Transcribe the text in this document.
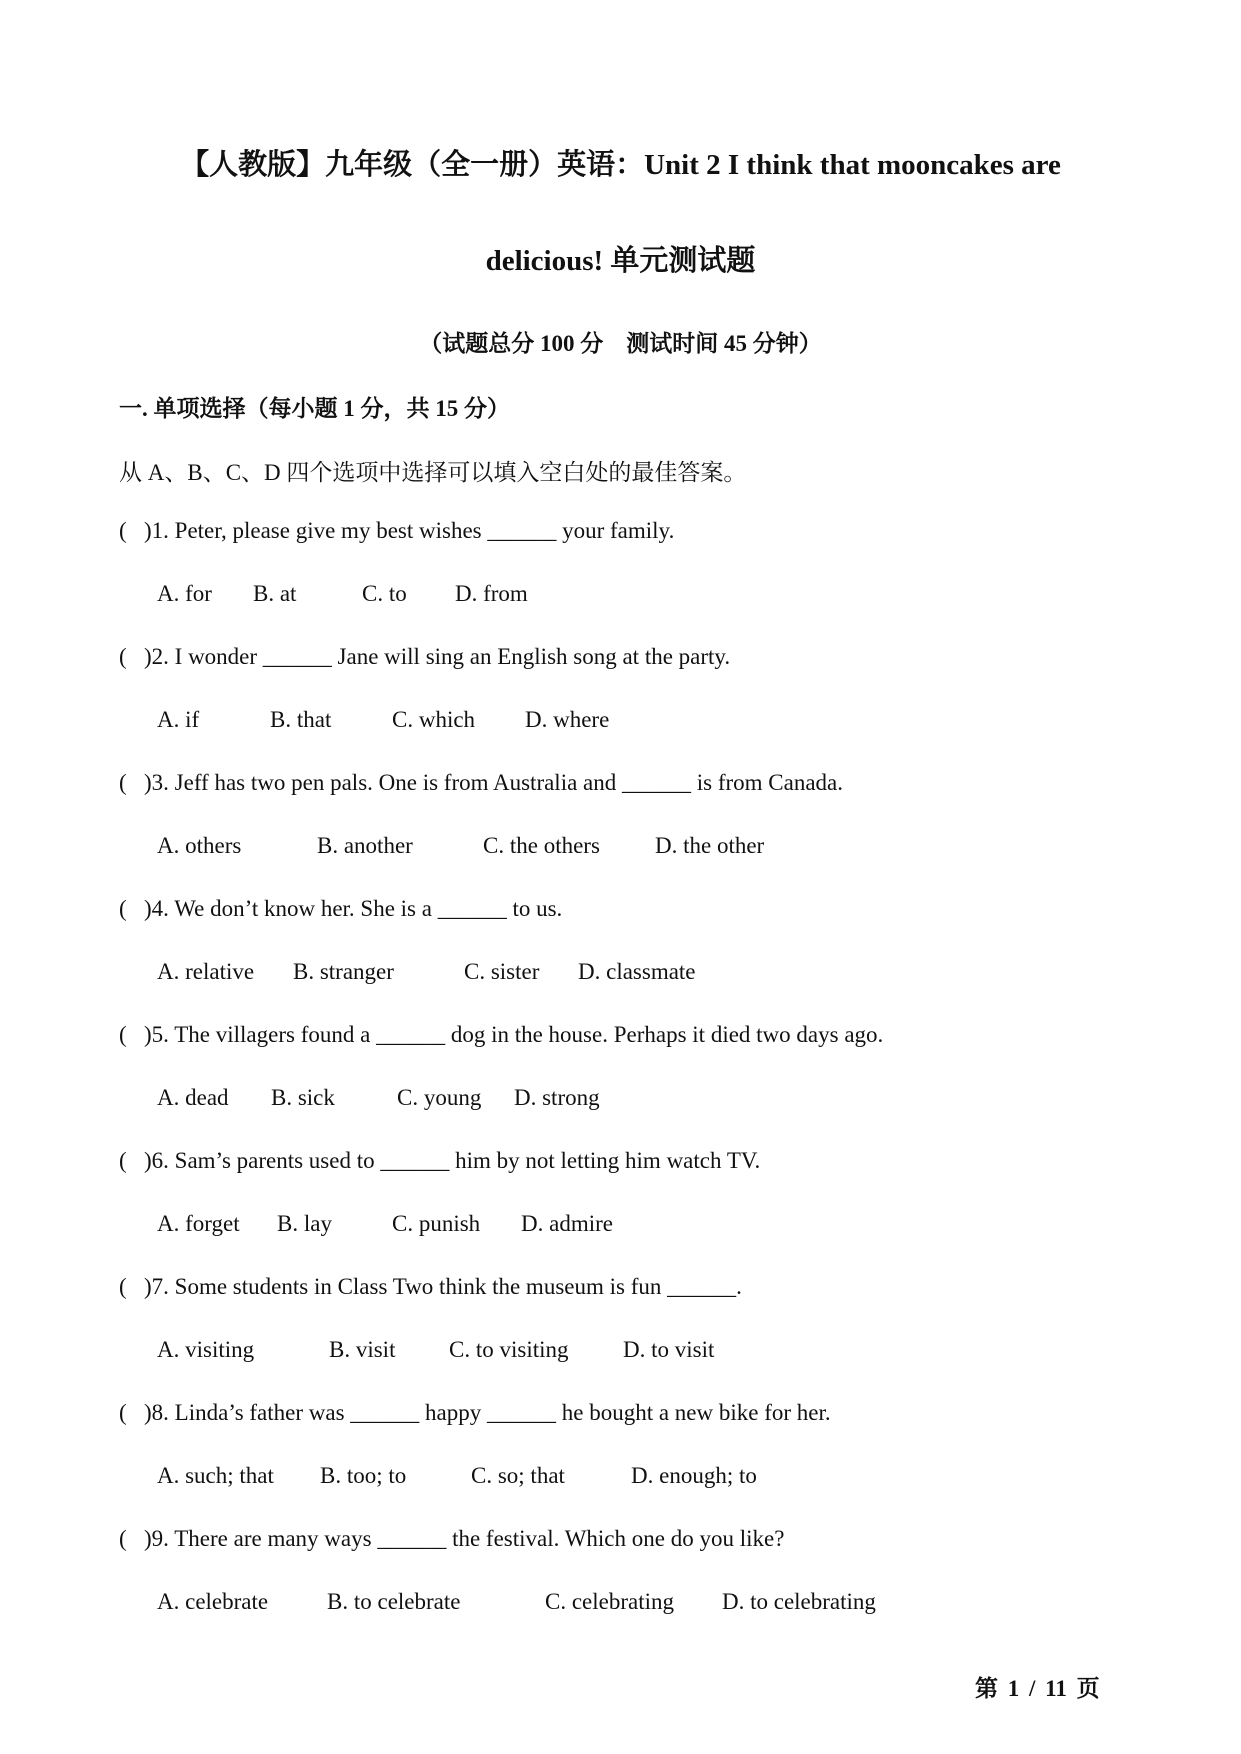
【人教版】九年级（全一册）英语：Unit 2 I think that mooncakes are
delicious! 单元测试题
（试题总分 100 分　测试时间 45 分钟）
一. 单项选择（每小题 1 分，共 15 分）
从 A、B、C、D 四个选项中选择可以填入空白处的最佳答案。
( )1. Peter, please give my best wishes ______ your family.
A. for B. at	C. to D. from
( )2. I wonder ______ Jane will sing an English song at the party.
A. if	B. that	C. which D. where
( )3. Jeff has two pen pals. One is from Australia and ______ is from Canada.
A. others	B. another	C. the others D. the other
( )4. We don’t know her. She is a ______ to us.
A. relative B. stranger	C. sister D. classmate
( )5. The villagers found a ______ dog in the house. Perhaps it died two days ago.
A. dead B. sick	C. young D. strong
( )6. Sam’s parents used to ______ him by not letting him watch TV.
A. forget B. lay	C. punish D. admire
( )7. Some students in Class Two think the museum is fun ______.
A. visiting	B. visit C. to visiting D. to visit
( )8. Linda’s father was ______ happy ______ he bought a new bike for her.
A. such; that B. too; to	C. so; that	D. enough; to
( )9. There are many ways ______ the festival. Which one do you like?
A. celebrate	B. to celebrate	C. celebrating D. to celebrating
第 1 / 11 页
